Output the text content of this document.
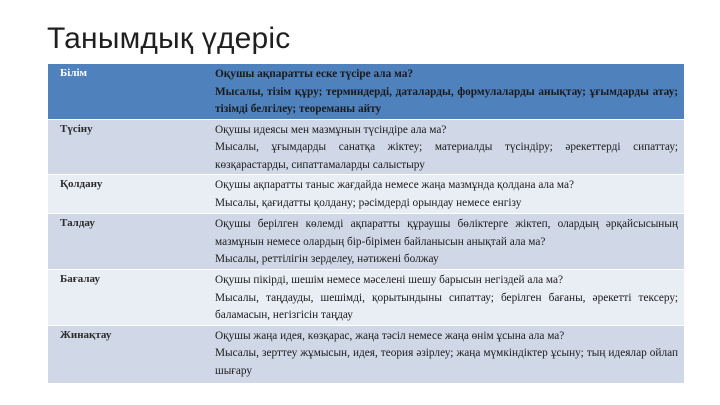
Танымдық үдеріс
Білім	Оқушы ақпаратты еске түсіре ала ма?

Мысалы, тізім құру; терминдерді, даталарды, формулаларды анықтау; ұғымдарды атау; тізімді белгілеу; теореманы айту

Түсіну	Оқушы идеясы мен мазмұнын түсіндіре ала ма?

Мысалы, ұғымдарды санатқа жіктеу; материалды түсіндіру; әрекеттерді сипаттау; көзқарастарды, сипаттамаларды салыстыру

Қолдану	Оқушы ақпаратты таныс жағдайда немесе жаңа мазмұнда қолдана ала ма?

Мысалы, қағидатты қолдану; рәсімдерді орындау немесе енгізу

Талдау	Оқушы берілген көлемді ақпаратты құраушы бөліктерге жіктеп, олардың әрқайсысының мазмұнын немесе олардың бір-бірімен байланысын анықтай ала ма?

Мысалы, реттілігін зерделеу, нәтижені болжау

Бағалау	Оқушы пікірді, шешім немесе мәселені шешу барысын негіздей ала ма?

Мысалы, таңдауды, шешімді, қорытындыны сипаттау; берілген бағаны, әрекетті тексеру; баламасын, негізгісін таңдау

Жинақтау	Оқушы жаңа идея, көзқарас, жаңа тәсіл немесе жаңа өнім ұсына ала ма?

Мысалы, зерттеу жұмысын, идея, теория әзірлеу; жаңа мүмкіндіктер ұсыну; тың идеялар ойлап шығару
